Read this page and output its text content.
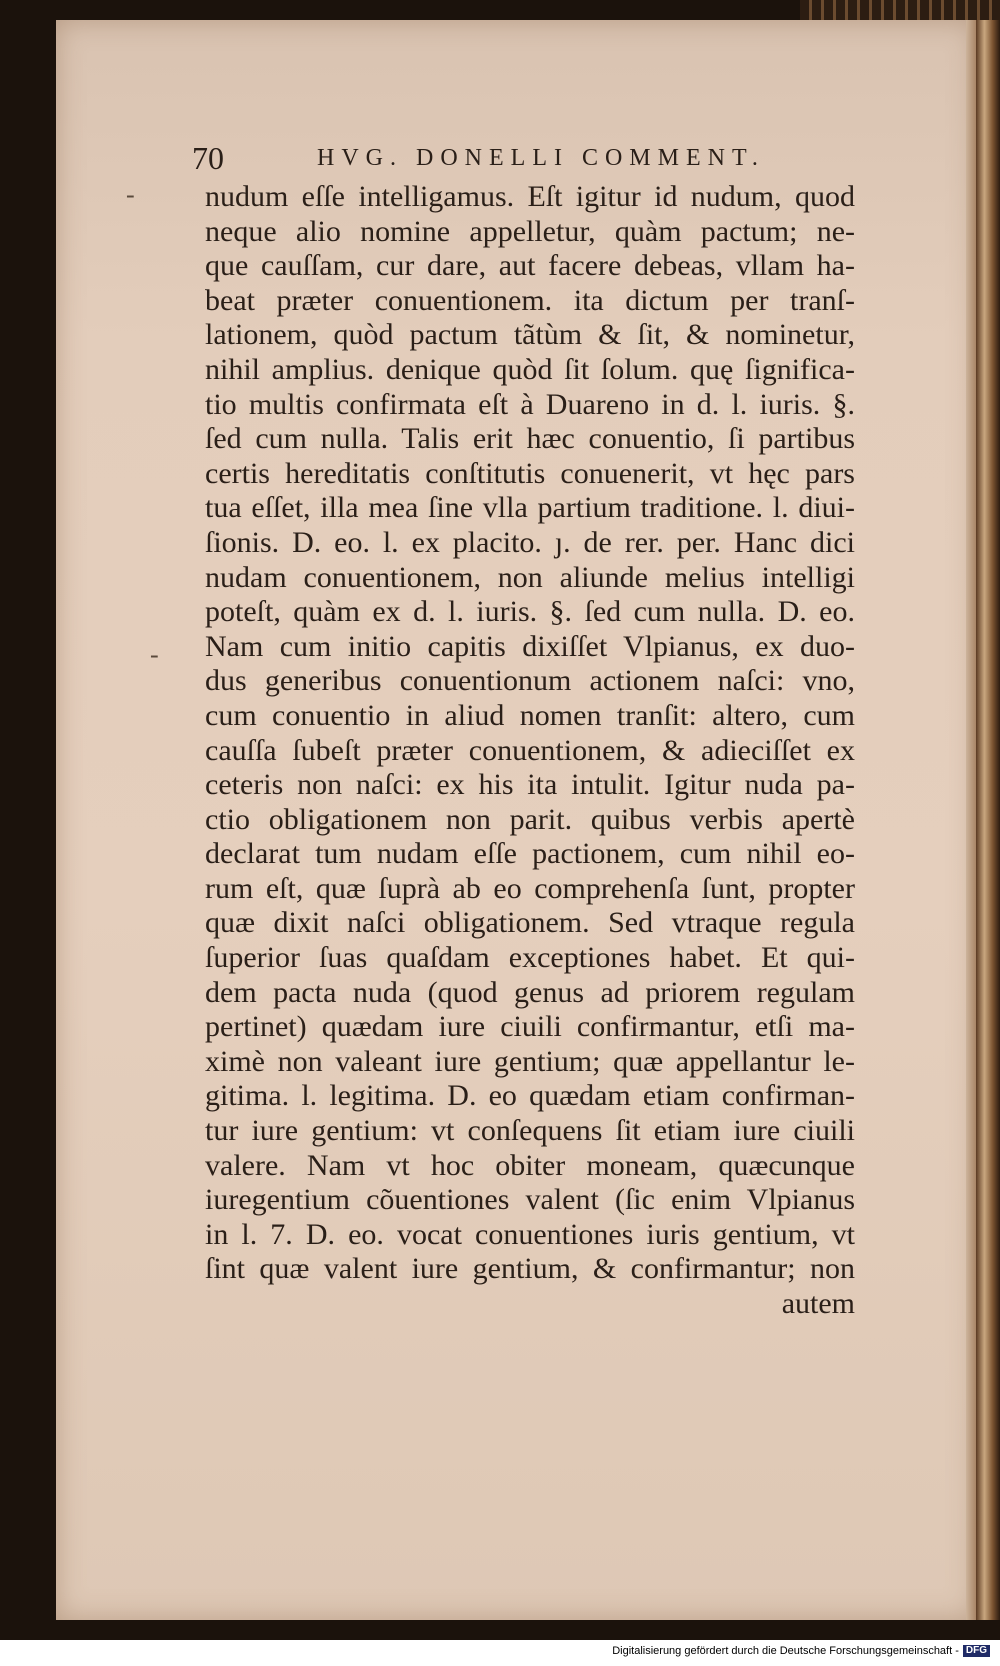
70	HVG. DONELLI COMMENT.
-
-
nudum eſſe intelligamus. Eſt igitur id nudum, quod
neque alio nomine appelletur, quàm pactum; ne-
que cauſſam, cur dare, aut facere debeas, vllam ha-
beat præter conuentionem. ita dictum per tranſ-
lationem, quòd pactum tãtùm & ſit, & nominetur,
nihil amplius. denique quòd ſit ſolum. quę ſignifica-
tio multis confirmata eſt à Duareno in d. l. iuris. §.
ſed cum nulla. Talis erit hæc conuentio, ſi partibus
certis hereditatis conſtitutis conuenerit, vt hęc pars
tua eſſet, illa mea ſine vlla partium traditione. l. diui-
ſionis. D. eo. l. ex placito. ȷ. de rer. per. Hanc dici
nudam conuentionem, non aliunde melius intelligi
poteſt, quàm ex d. l. iuris. §. ſed cum nulla. D. eo.
Nam cum initio capitis dixiſſet Vlpianus, ex duo-
dus generibus conuentionum actionem naſci: vno,
cum conuentio in aliud nomen tranſit: altero, cum
cauſſa ſubeſt præter conuentionem, & adieciſſet ex
ceteris non naſci: ex his ita intulit. Igitur nuda pa-
ctio obligationem non parit. quibus verbis apertè
declarat tum nudam eſſe pactionem, cum nihil eo-
rum eſt, quæ ſuprà ab eo comprehenſa ſunt, propter
quæ dixit naſci obligationem. Sed vtraque regula
ſuperior ſuas quaſdam exceptiones habet. Et qui-
dem pacta nuda (quod genus ad priorem regulam
pertinet) quædam iure ciuili confirmantur, etſi ma-
ximè non valeant iure gentium; quæ appellantur le-
gitima. l. legitima. D. eo quædam etiam confirman-
tur iure gentium: vt conſequens ſit etiam iure ciuili
valere. Nam vt hoc obiter moneam, quæcunque
iuregentium cõuentiones valent (ſic enim Vlpianus
in l. 7. D. eo. vocat conuentiones iuris gentium, vt
ſint quæ valent iure gentium, & confirmantur; non
autem
Digitalisierung gefördert durch die Deutsche Forschungsgemeinschaft - DFG
